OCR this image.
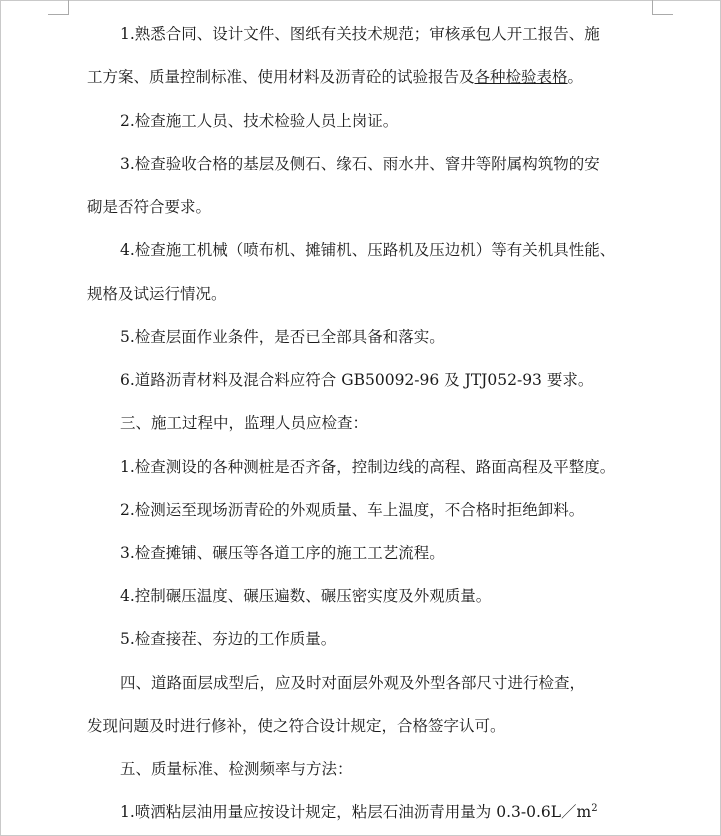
1.熟悉合同、设计文件、图纸有关技术规范；审核承包人开工报告、施
工方案、质量控制标准、使用材料及沥青砼的试验报告及各种检验表格。
2.检查施工人员、技术检验人员上岗证。
3.检查验收合格的基层及侧石、缘石、雨水井、窨井等附属构筑物的安
砌是否符合要求。
4.检查施工机械（喷布机、摊铺机、压路机及压边机）等有关机具性能、
规格及试运行情况。
5.检查层面作业条件，是否已全部具备和落实。
6.道路沥青材料及混合料应符合 GB50092-96 及 JTJ052-93 要求。
三、施工过程中，监理人员应检查：
1.检查测设的各种测桩是否齐备，控制边线的高程、路面高程及平整度。
2.检测运至现场沥青砼的外观质量、车上温度，不合格时拒绝卸料。
3.检查摊铺、碾压等各道工序的施工工艺流程。
4.控制碾压温度、碾压遍数、碾压密实度及外观质量。
5.检查接茬、夯边的工作质量。
四、道路面层成型后，应及时对面层外观及外型各部尺寸进行检查，
发现问题及时进行修补，使之符合设计规定，合格签字认可。
五、质量标准、检测频率与方法：
1.喷洒粘层油用量应按设计规定，粘层石油沥青用量为 $0.3-0.6L/m^2$
